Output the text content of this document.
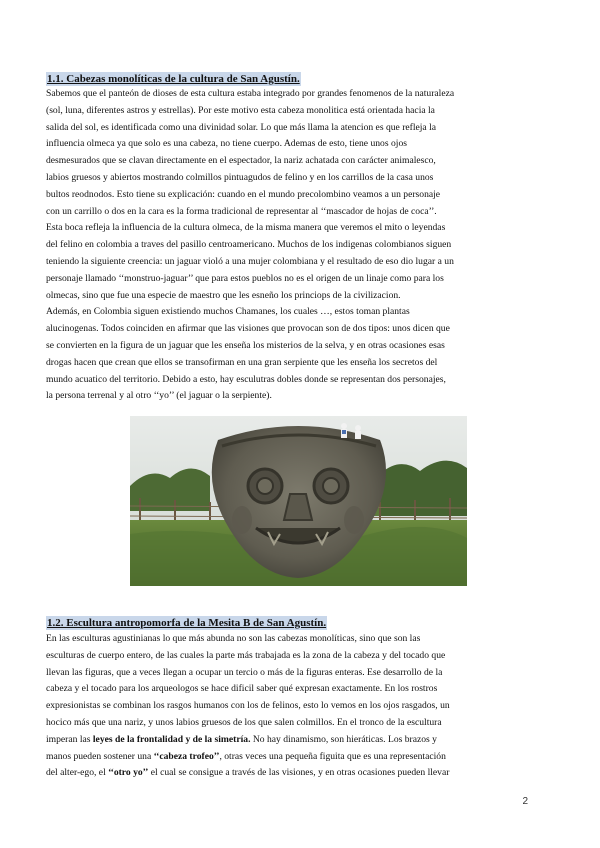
1.1. Cabezas monolíticas de la cultura de San Agustín.
Sabemos que el panteón de dioses de esta cultura estaba integrado por grandes fenomenos de la naturaleza
(sol, luna, diferentes astros y estrellas). Por este motivo esta cabeza monolitica está orientada hacia la
salida del sol, es identificada como una divinidad solar. Lo que más llama la atencion es que refleja la
influencia olmeca ya que solo es una cabeza, no tiene cuerpo. Ademas de esto, tiene unos ojos
desmesurados que se clavan directamente en el espectador, la nariz achatada con carácter animalesco,
labios gruesos y abiertos mostrando colmillos pintuagudos de felino y en los carrillos de la casa unos
bultos reodnodos. Esto tiene su explicación: cuando en el mundo precolombino veamos a un personaje
con un carrillo o dos en la cara es la forma tradicional de representar al ‘‘mascador de hojas de coca’’.
Esta boca refleja la influencia de la cultura olmeca, de la misma manera que veremos el mito o leyendas
del felino en colombia a traves del pasillo centroamericano. Muchos de los indigenas colombianos siguen
teniendo la siguiente creencia: un jaguar violó a una mujer colombiana y el resultado de eso dio lugar a un
personaje llamado ‘‘monstruo-jaguar’’ que para estos pueblos no es el origen de un linaje como para los
olmecas, sino que fue una especie de maestro que les esneño los princiops de la civilizacion.
Además, en Colombia siguen existiendo muchos Chamanes, los cuales …, estos toman plantas
alucinogenas. Todos coinciden en afirmar que las visiones que provocan son de dos tipos: unos dicen que
se convierten en la figura de un jaguar que les enseña los misterios de la selva, y en otras ocasiones esas
drogas hacen que crean que ellos se transofirman en una gran serpiente que les enseña los secretos del
mundo acuatico del territorio. Debido a esto, hay esculutras dobles donde se representan dos personajes,
la persona terrenal y al otro ‘‘yo’’ (el jaguar o la serpiente).
1.2. Escultura antropomorfa de la Mesita B de San Agustín.
En las esculturas agustinianas lo que más abunda no son las cabezas monolíticas, sino que son las
esculturas de cuerpo entero, de las cuales la parte más trabajada es la zona de la cabeza y del tocado que
llevan las figuras, que a veces llegan a ocupar un tercio o más de la figuras enteras. Ese desarrollo de la
cabeza y el tocado para los arqueologos se hace dificil saber qué expresan exactamente. En los rostros
expresionistas se combinan los rasgos humanos con los de felinos, esto lo vemos en los ojos rasgados, un
hocico más que una nariz, y unos labios gruesos de los que salen colmillos. En el tronco de la escultura
imperan las leyes de la frontalidad y de la simetría. No hay dinamismo, son hieráticas. Los brazos y
manos pueden sostener una ‘‘cabeza trofeo’’, otras veces una pequeña figuita que es una representación
del alter-ego, el ‘‘otro yo’’ el cual se consigue a través de las visiones, y en otras ocasiones pueden llevar
2
